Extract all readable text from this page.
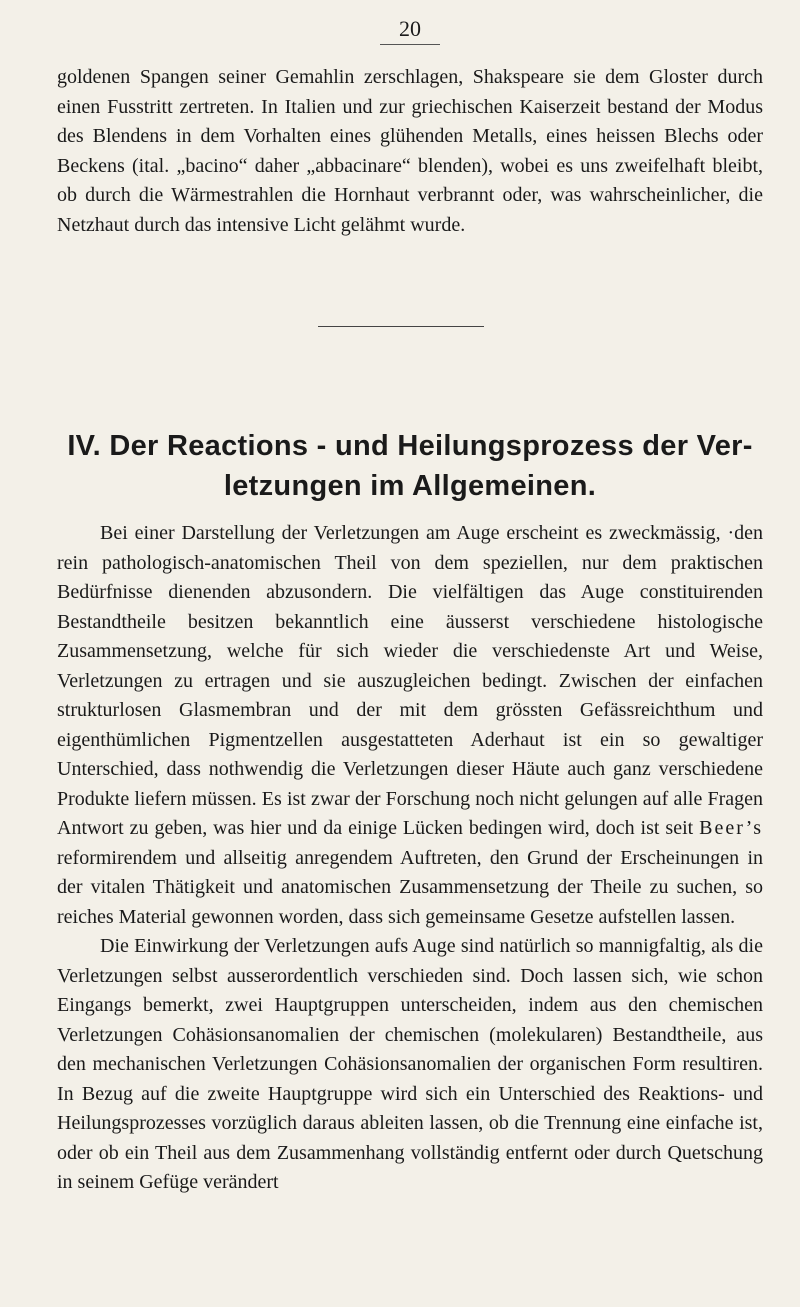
20

goldenen Spangen seiner Gemahlin zerschlagen, Shakspeare sie dem Gloster durch einen Fusstritt zertreten. In Italien und zur griechischen Kaiserzeit bestand der Modus des Blendens in dem Vorhalten eines glühenden Metalls, eines heissen Blechs oder Beckens (ital. „bacino“ daher „abbacinare“ blenden), wobei es uns zweifelhaft bleibt, ob durch die Wärmestrahlen die Hornhaut verbrannt oder, was wahrscheinlicher, die Netzhaut durch das intensive Licht gelähmt wurde.

IV. Der Reactions - und Heilungsprozess der Ver-
letzungen im Allgemeinen.

Bei einer Darstellung der Verletzungen am Auge erscheint es zweckmässig, ·den rein pathologisch-anatomischen Theil von dem speziellen, nur dem praktischen Bedürfnisse dienenden abzusondern. Die vielfältigen das Auge constituirenden Bestandtheile besitzen bekanntlich eine äusserst verschiedene histologische Zusammensetzung, welche für sich wieder die verschiedenste Art und Weise, Verletzungen zu ertragen und sie auszugleichen bedingt. Zwischen der einfachen strukturlosen Glasmembran und der mit dem grössten Gefässreichthum und eigenthümlichen Pigmentzellen ausgestatteten Aderhaut ist ein so gewaltiger Unterschied, dass nothwendig die Verletzungen dieser Häute auch ganz verschiedene Produkte liefern müssen. Es ist zwar der Forschung noch nicht gelungen auf alle Fragen Antwort zu geben, was hier und da einige Lücken bedingen wird, doch ist seit Beer’s reformirendem und allseitig anregendem Auftreten, den Grund der Erscheinungen in der vitalen Thätigkeit und anatomischen Zusammensetzung der Theile zu suchen, so reiches Material gewonnen worden, dass sich gemeinsame Gesetze aufstellen lassen.

Die Einwirkung der Verletzungen aufs Auge sind natürlich so mannigfaltig, als die Verletzungen selbst ausserordentlich verschieden sind. Doch lassen sich, wie schon Eingangs bemerkt, zwei Hauptgruppen unterscheiden, indem aus den chemischen Verletzungen Cohäsionsanomalien der chemischen (molekularen) Bestandtheile, aus den mechanischen Verletzungen Cohäsionsanomalien der organischen Form resultiren. In Bezug auf die zweite Hauptgruppe wird sich ein Unterschied des Reaktions- und Heilungsprozesses vorzüglich daraus ableiten lassen, ob die Trennung eine einfache ist, oder ob ein Theil aus dem Zusammenhang vollständig entfernt oder durch Quetschung in seinem Gefüge verändert
